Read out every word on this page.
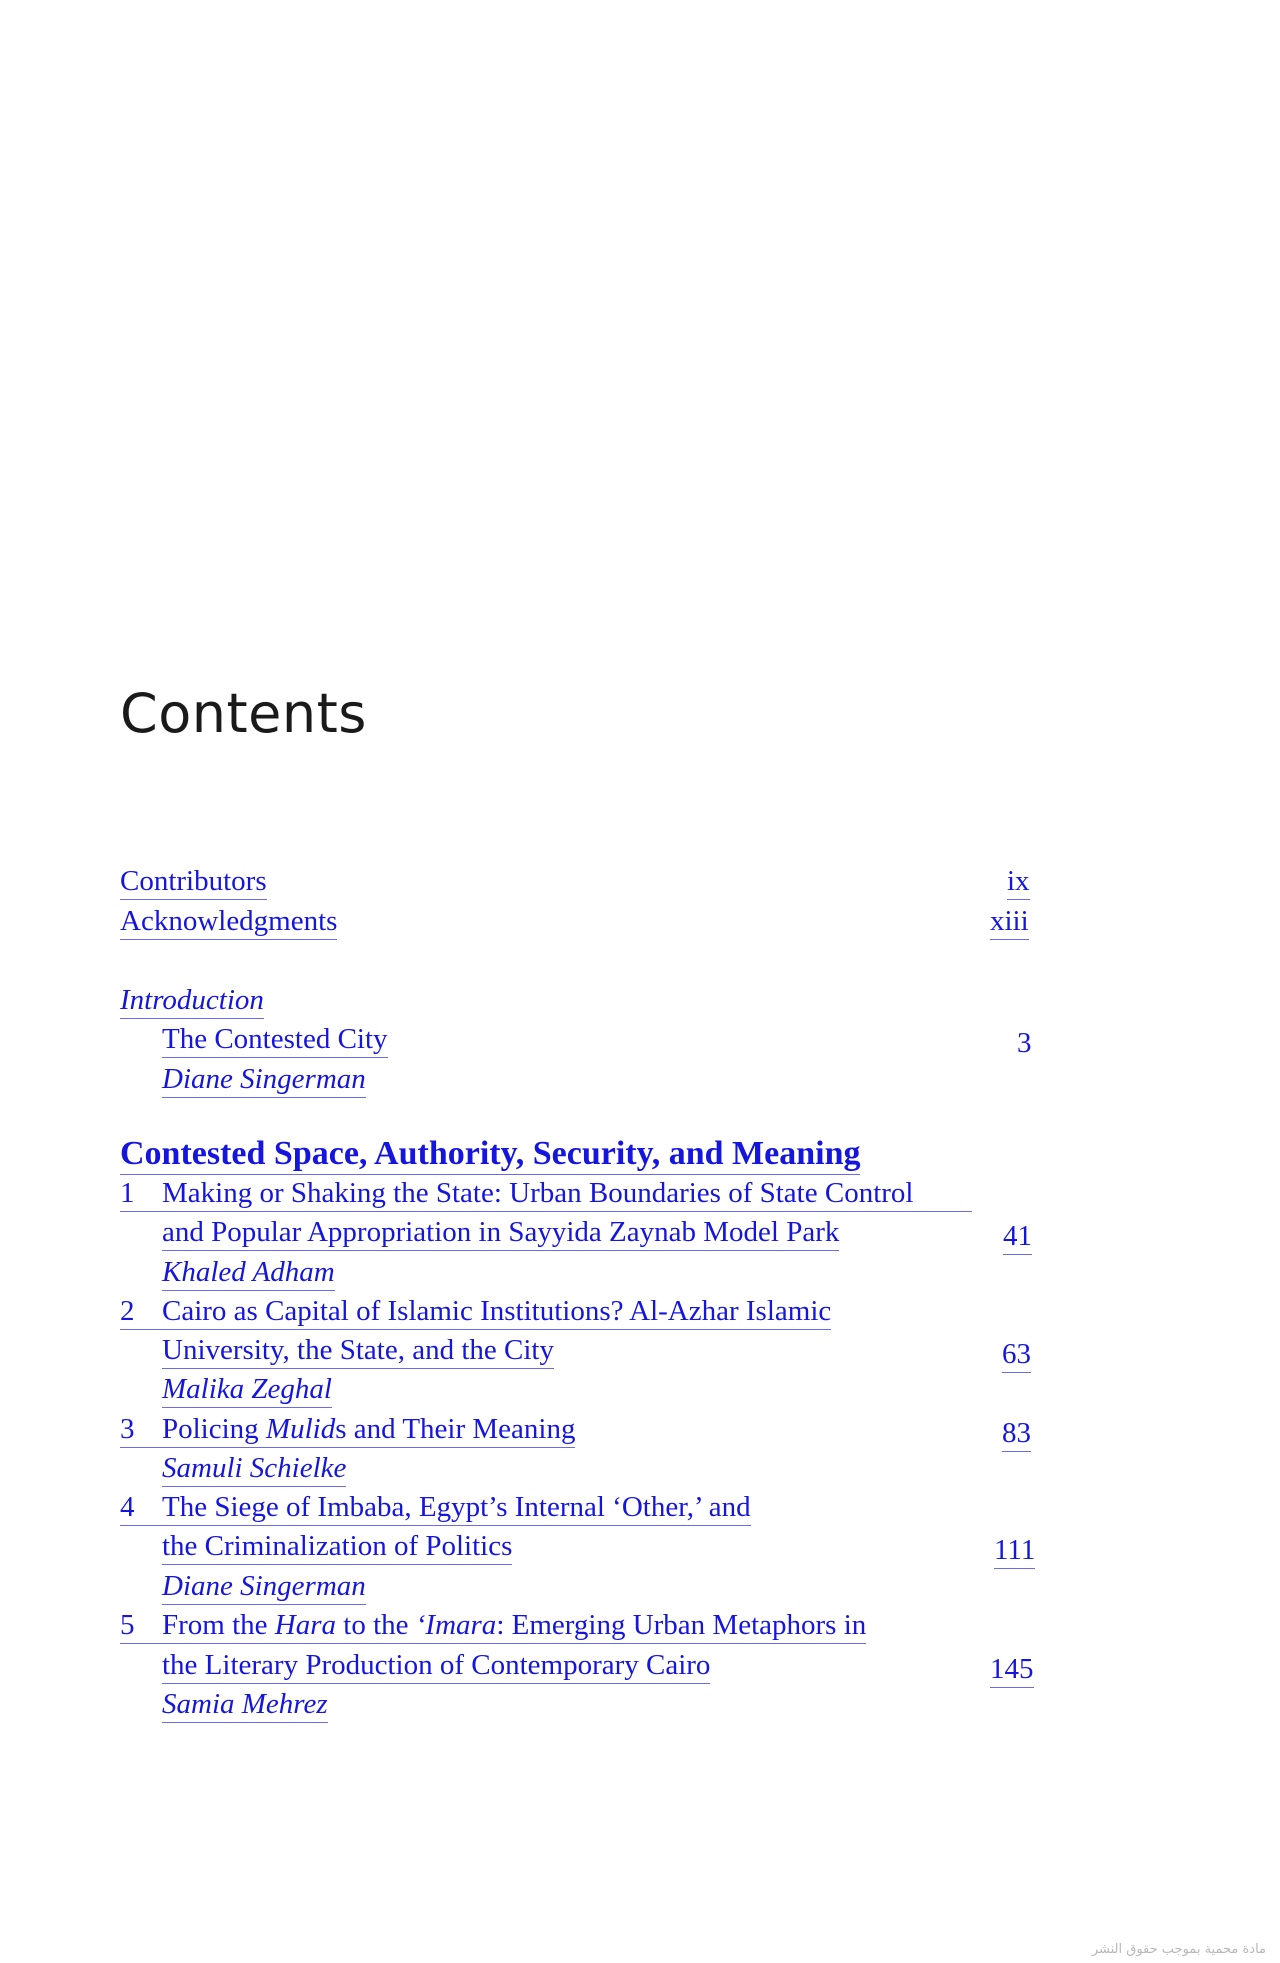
Contents
Contributors	ix
Acknowledgments	xiii
Introduction
The Contested City	3
Diane Singerman
Contested Space, Authority, Security, and Meaning
1 Making or Shaking the State: Urban Boundaries of State Control
and Popular Appropriation in Sayyida Zaynab Model Park	41
Khaled Adham
2 Cairo as Capital of Islamic Institutions? Al-Azhar Islamic
University, the State, and the City	63
Malika Zeghal
3 Policing Mulids and Their Meaning	83
Samuli Schielke
4 The Siege of Imbaba, Egypt’s Internal ‘Other,’ and
the Criminalization of Politics	111
Diane Singerman
5 From the Hara to the ‘Imara: Emerging Urban Metaphors in
the Literary Production of Contemporary Cairo	145
Samia Mehrez
مادة محمية بموجب حقوق النشر
